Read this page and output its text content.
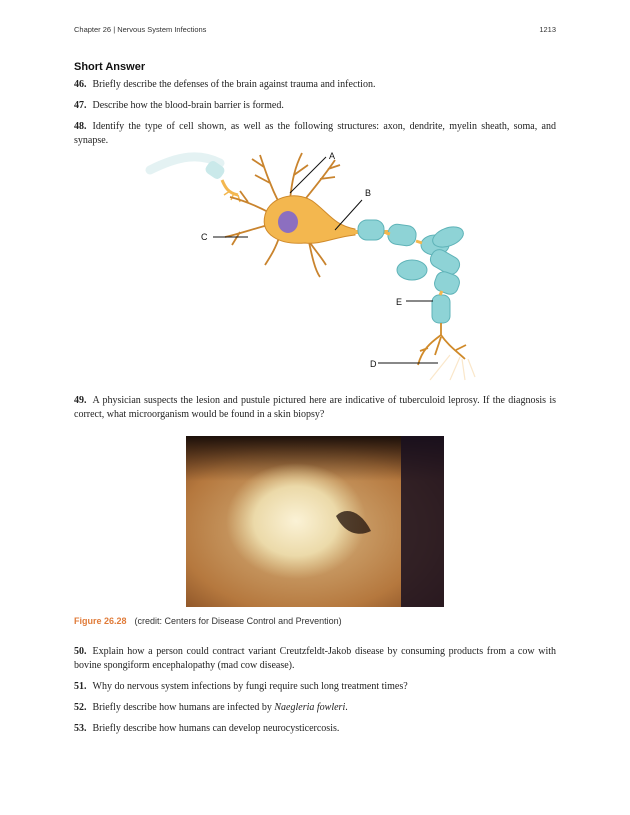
Chapter 26 | Nervous System Infections	1213
Short Answer
46. Briefly describe the defenses of the brain against trauma and infection.
47. Describe how the blood-brain barrier is formed.
48. Identify the type of cell shown, as well as the following structures: axon, dendrite, myelin sheath, soma, and synapse.
A
B
C
D
E
49. A physician suspects the lesion and pustule pictured here are indicative of tuberculoid leprosy. If the diagnosis is correct, what microorganism would be found in a skin biopsy?
Figure 26.28 (credit: Centers for Disease Control and Prevention)
50. Explain how a person could contract variant Creutzfeldt-Jakob disease by consuming products from a cow with bovine spongiform encephalopathy (mad cow disease).
51. Why do nervous system infections by fungi require such long treatment times?
52. Briefly describe how humans are infected by Naegleria fowleri.
53. Briefly describe how humans can develop neurocysticercosis.
